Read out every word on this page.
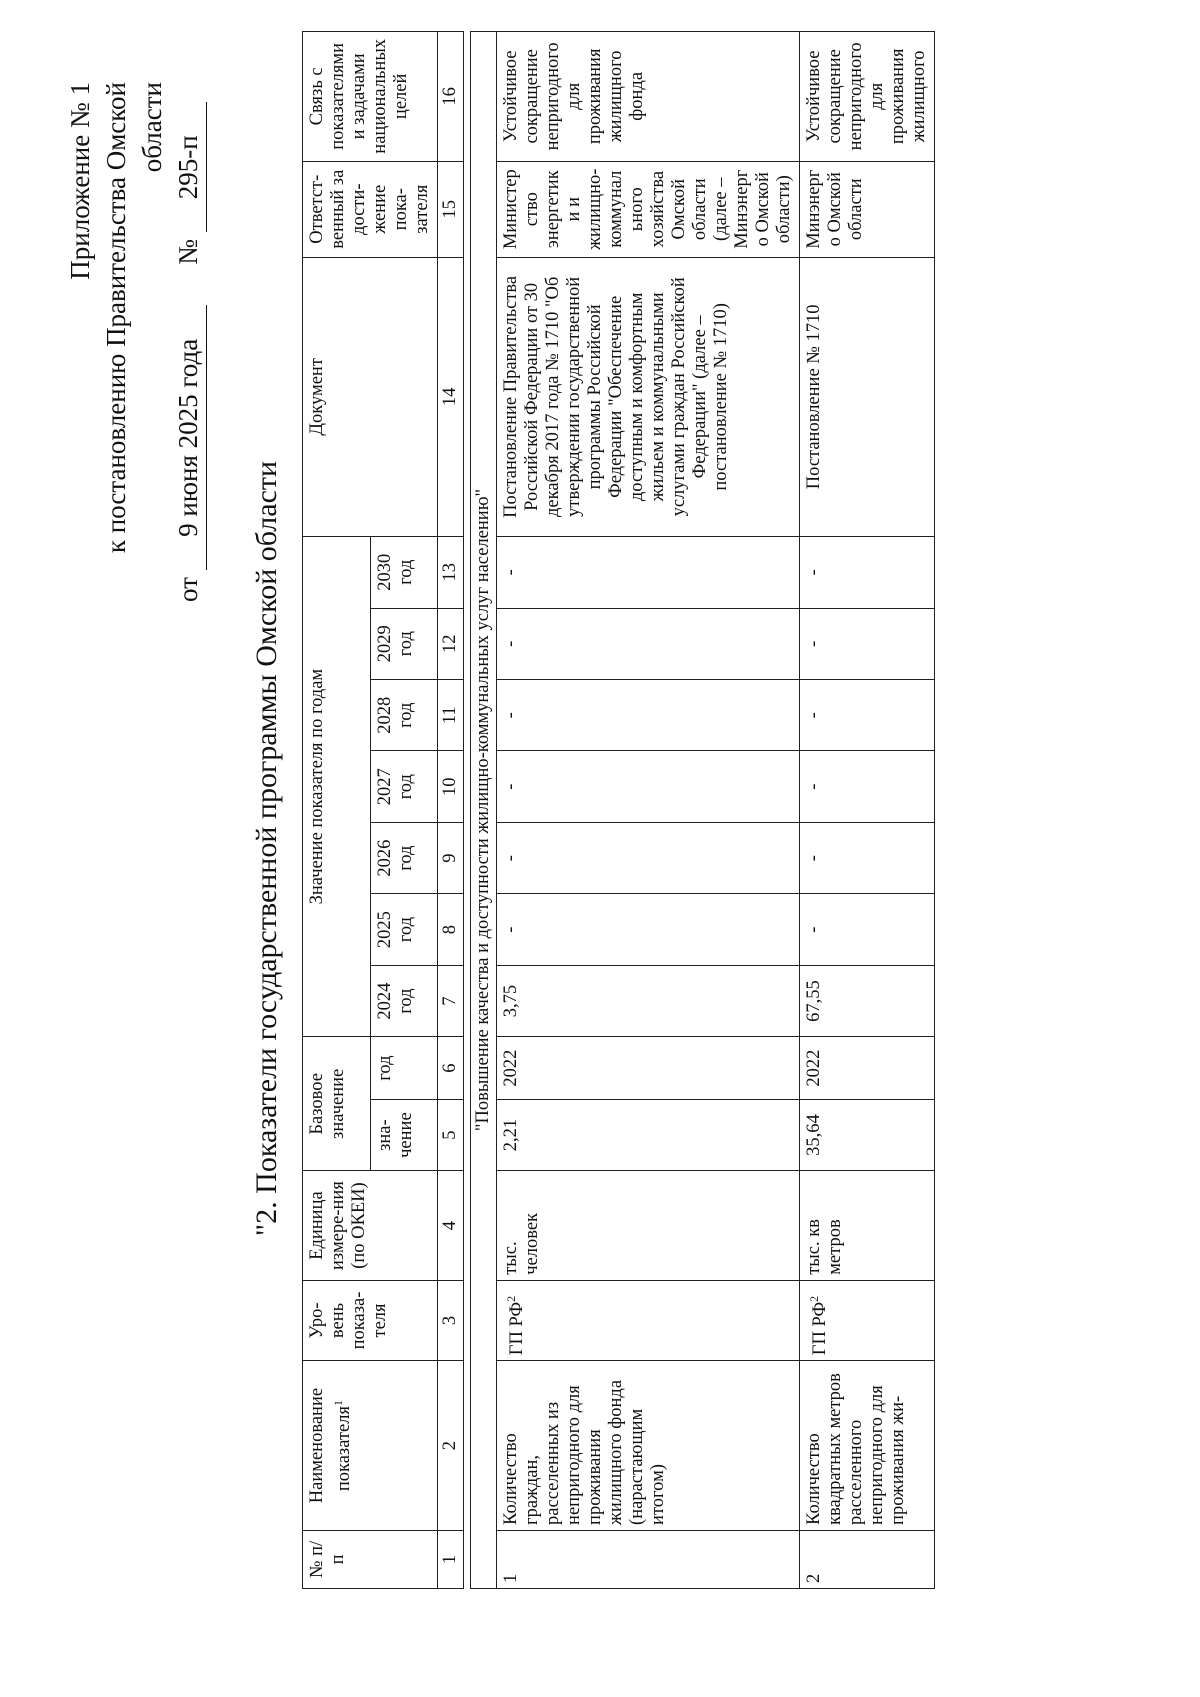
Приложение № 1 к постановлению Правительства Омской области
от 9 июня 2025 года      № 295-п
"2. Показатели государственной программы Омской области
№ п/п	Наименование показателя$^1$	Уро-вень показа-теля	Единица измере-ния (по ОКЕИ)	Базовое значение		Значение показателя по годам							Документ	Ответст-венный за дости-жение пока-зателя	Связь с показателями и задачами национальных целей
				зна-чение	год	2024 год	2025 год	2026 год	2027 год	2028 год	2029 год	2030 год			
1	2	3	4	5	6	7	8	9	10	11	12	13	14	15	16

"Повышение качества и доступности жилищно-коммунальных услуг населению"															
1	Количество граждан, расселенных из непригодного для проживания жилищного фонда (нарастающим итогом)	ГП $РФ^2$	тыс. человек	2,21	2022	3,75	-	-	-	-	-	-	Постановление Правительства Российской Федерации от 30 декабря 2017 года № 1710 "Об утверждении государственной программы Российской Федерации "Обеспечение доступным и комфортным жильем и коммунальными услугами граждан Российской Федерации" (далее – постановление № 1710)	Министерство энергетики и жилищно-коммунального хозяйства Омской области (далее – Минэнерго Омской области)	Устойчивое сокращение непригодного для проживания жилищного фонда
2	Количество квадратных метров расселенного непригодного для проживания жи-	ГП $РФ^2$	тыс. кв метров	35,64	2022	67,55	-	-	-	-	-	-	Постановление № 1710	Минэнерго Омской области	Устойчивое сокращение непригодного для проживания жилищного
